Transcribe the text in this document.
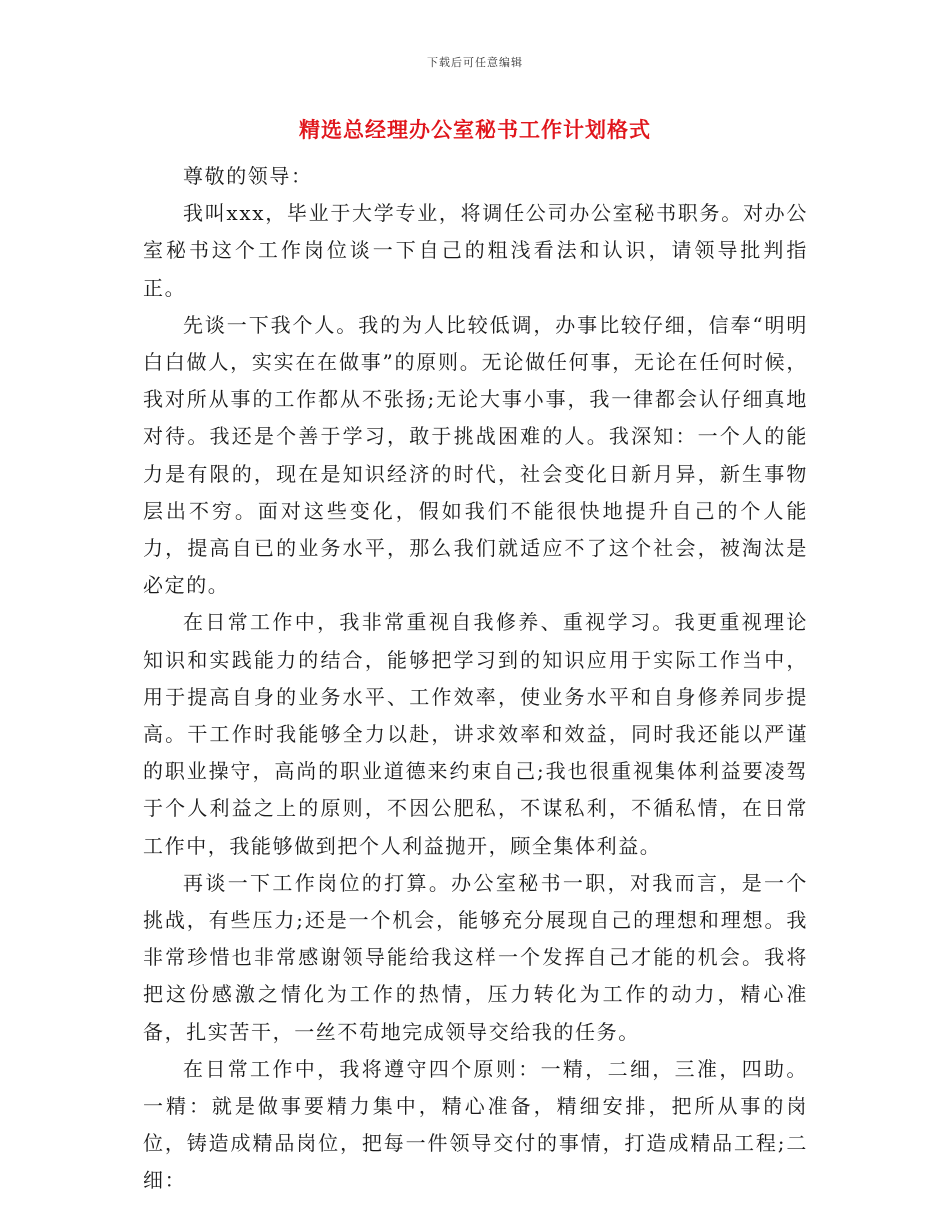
下载后可任意编辑
精选总经理办公室秘书工作计划格式

尊敬的领导：

我叫xxx，毕业于大学专业，将调任公司办公室秘书职务。对办公室秘书这个工作岗位谈一下自己的粗浅看法和认识，请领导批判指正。

先谈一下我个人。我的为人比较低调，办事比较仔细，信奉“明明白白做人，实实在在做事”的原则。无论做任何事，无论在任何时候，我对所从事的工作都从不张扬;无论大事小事，我一律都会认仔细真地对待。我还是个善于学习，敢于挑战困难的人。我深知：一个人的能力是有限的，现在是知识经济的时代，社会变化日新月异，新生事物层出不穷。面对这些变化，假如我们不能很快地提升自己的个人能力，提高自已的业务水平，那么我们就适应不了这个社会，被淘汰是必定的。

在日常工作中，我非常重视自我修养、重视学习。我更重视理论知识和实践能力的结合，能够把学习到的知识应用于实际工作当中，用于提高自身的业务水平、工作效率，使业务水平和自身修养同步提高。干工作时我能够全力以赴，讲求效率和效益，同时我还能以严谨的职业操守，高尚的职业道德来约束自己;我也很重视集体利益要凌驾于个人利益之上的原则，不因公肥私，不谋私利，不循私情，在日常工作中，我能够做到把个人利益抛开，顾全集体利益。

再谈一下工作岗位的打算。办公室秘书一职，对我而言，是一个挑战，有些压力;还是一个机会，能够充分展现自己的理想和理想。我非常珍惜也非常感谢领导能给我这样一个发挥自己才能的机会。我将把这份感激之情化为工作的热情，压力转化为工作的动力，精心准备，扎实苦干，一丝不苟地完成领导交给我的任务。

在日常工作中，我将遵守四个原则：一精，二细，三准，四助。一精：就是做事要精力集中，精心准备，精细安排，把所从事的岗位，铸造成精品岗位，把每一件领导交付的事情，打造成精品工程;二细：
